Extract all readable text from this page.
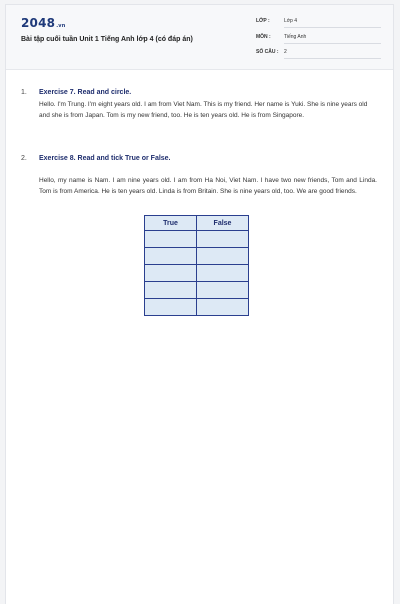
2048.vn
Bài tập cuối tuần Unit 1 Tiếng Anh lớp 4 (có đáp án)
LỚP :	Lớp 4
MÔN :	Tiếng Anh
SỐ CÂU : 2
1. Exercise 7. Read and circle.
Hello. I'm Trung. I'm eight years old. I am from Viet Nam. This is my friend. Her name is Yuki. She is nine years old and she is from Japan. Tom is my new friend, too. He is ten years old. He is from Singapore.
2. Exercise 8. Read and tick True or False.
Hello, my name is Nam. I am nine years old. I am from Ha Noi, Viet Nam. I have two new friends, Tom and Linda. Tom is from America. He is ten years old. Linda is from Britain. She is nine years old, too. We are good friends.
True	False
